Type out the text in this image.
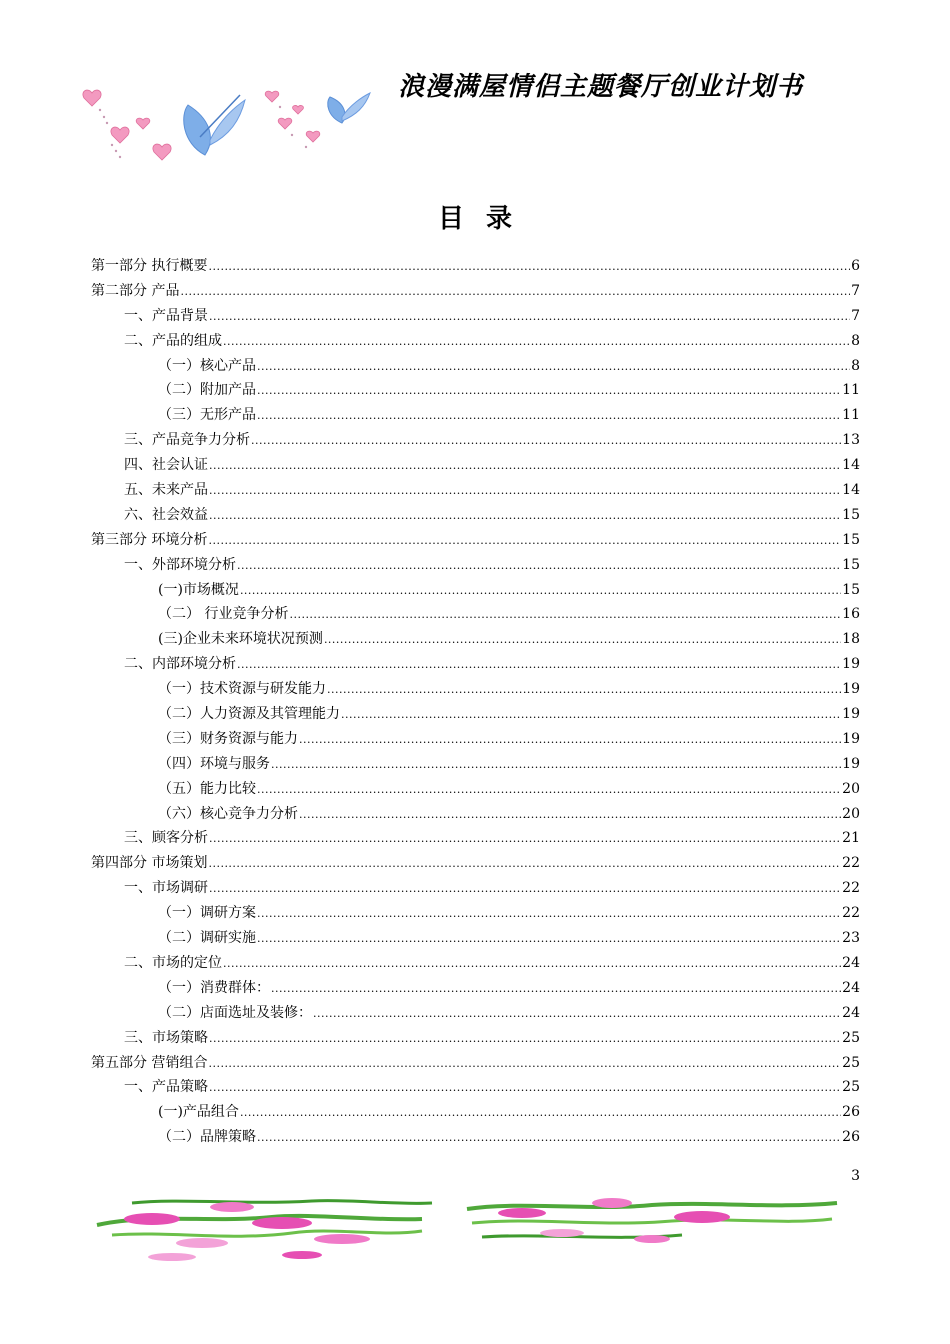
浪漫满屋情侣主题餐厅创业计划书
目录
第一部分 执行概要 .....	6
第二部分 产品 .....	7
一、产品背景 .....	7
二、产品的组成 .....	8
（一）核心产品 .....	8
（二）附加产品 .....	11
（三）无形产品 .....	11
三、产品竞争力分析 .....	13
四、社会认证 .....	14
五、未来产品 .....	14
六、社会效益 .....	15
第三部分 环境分析 .....	15
一、外部环境分析 .....	15
(一)市场概况 .....	15
（二） 行业竞争分析 .....	16
(三)企业未来环境状况预测 .....	18
二、内部环境分析 .....	19
（一）技术资源与研发能力 .....	19
（二）人力资源及其管理能力 .....	19
（三）财务资源与能力 .....	19
（四）环境与服务 .....	19
（五）能力比较 .....	20
（六）核心竞争力分析 .....	20
三、顾客分析 .....	21
第四部分 市场策划 .....	22
一、市场调研 .....	22
（一）调研方案 .....	22
（二）调研实施 .....	23
二、市场的定位 .....	24
（一）消费群体： .....	24
（二）店面选址及装修： .....	24
三、市场策略 .....	25
第五部分 营销组合 .....	25
一、产品策略 .....	25
(一)产品组合 .....	26
（二）品牌策略 .....	26
3
